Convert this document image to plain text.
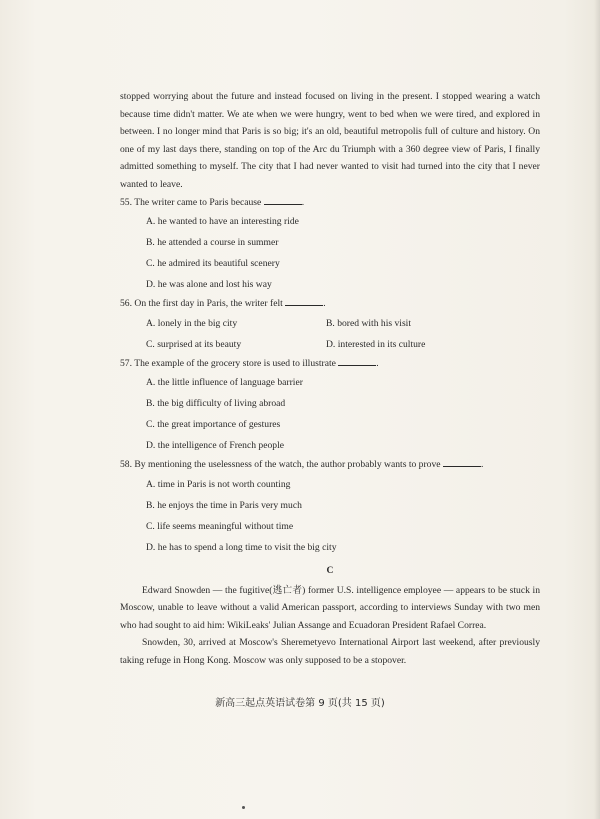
stopped worrying about the future and instead focused on living in the present. I stopped wearing a watch because time didn't matter. We ate when we were hungry, went to bed when we were tired, and explored in between. I no longer mind that Paris is so big; it's an old, beautiful metropolis full of culture and history. On one of my last days there, standing on top of the Arc du Triumph with a 360 degree view of Paris, I finally admitted something to myself. The city that I had never wanted to visit had turned into the city that I never wanted to leave.

55. The writer came to Paris because	.

A. he wanted to have an interesting ride

B. he attended a course in summer

C. he admired its beautiful scenery

D. he was alone and lost his way

56. On the first day in Paris, the writer felt	.

A. lonely in the big city	B. bored with his visit
C. surprised at its beauty	D. interested in its culture

57. The example of the grocery store is used to illustrate	.

A. the little influence of language barrier

B. the big difficulty of living abroad

C. the great importance of gestures

D. the intelligence of French people

58. By mentioning the uselessness of the watch, the author probably wants to prove	.

A. time in Paris is not worth counting

B. he enjoys the time in Paris very much

C. life seems meaningful without time

D. he has to spend a long time to visit the big city

C

Edward Snowden — the fugitive(逃亡者) former U.S. intelligence employee — appears to be stuck in Moscow, unable to leave without a valid American passport, according to interviews Sunday with two men who had sought to aid him: WikiLeaks' Julian Assange and Ecuadoran President Rafael Correa.

Snowden, 30, arrived at Moscow's Sheremetyevo International Airport last weekend, after previously taking refuge in Hong Kong. Moscow was only supposed to be a stopover.

新高三起点英语试卷第 9 页(共 15 页)
